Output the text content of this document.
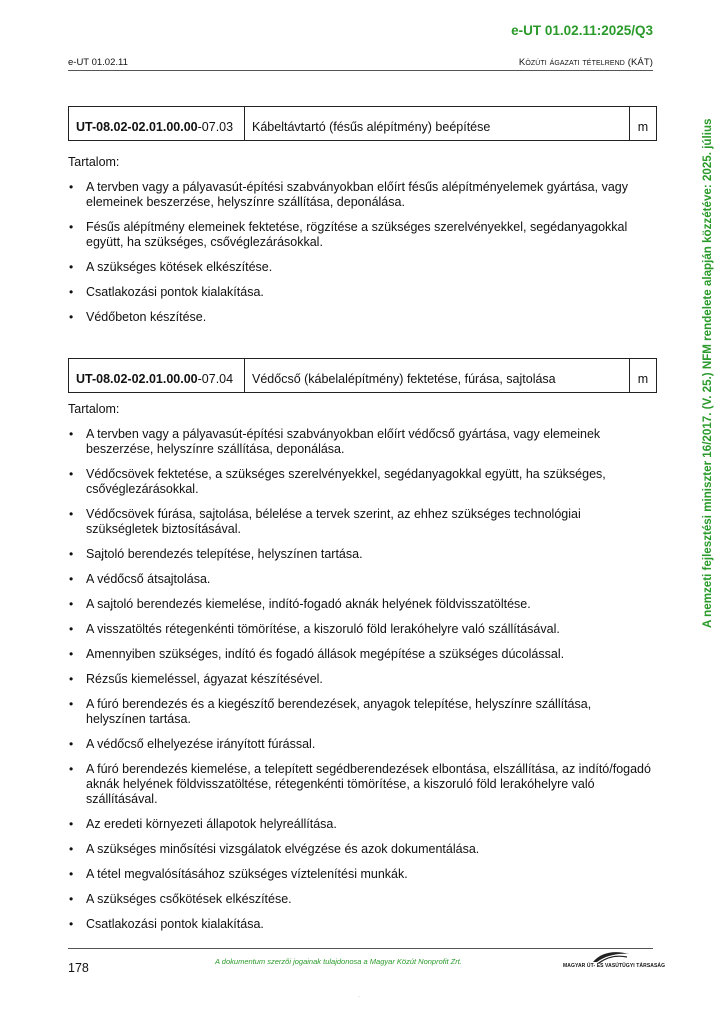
e-UT 01.02.11:2025/Q3
e-UT 01.02.11	Közúti ágazati tételrend (KÁT)
A nemzeti fejlesztési miniszter 16/2017. (V. 25.) NFM rendelete alapján közzétéve: 2025. július
UT-08.02-02.01.00.00-07.03	Kábeltávtartó (fésűs alépítmény) beépítése	m
Tartalom:
• A tervben vagy a pályavasút-építési szabványokban előírt fésűs alépítményelemek gyártása, vagy elemeinek beszerzése, helyszínre szállítása, deponálása.
• Fésűs alépítmény elemeinek fektetése, rögzítése a szükséges szerelvényekkel, segédanyagokkal együtt, ha szükséges, csővéglezárásokkal.
• A szükséges kötések elkészítése.
• Csatlakozási pontok kialakítása.
• Védőbeton készítése.
UT-08.02-02.01.00.00-07.04	Védőcső (kábelalépítmény) fektetése, fúrása, sajtolása	m
Tartalom:
• A tervben vagy a pályavasút-építési szabványokban előírt védőcső gyártása, vagy elemeinek beszerzése, helyszínre szállítása, deponálása.
• Védőcsövek fektetése, a szükséges szerelvényekkel, segédanyagokkal együtt, ha szükséges, csővéglezárásokkal.
• Védőcsövek fúrása, sajtolása, bélelése a tervek szerint, az ehhez szükséges technológiai szükségletek biztosításával.
• Sajtoló berendezés telepítése, helyszínen tartása.
• A védőcső átsajtolása.
• A sajtoló berendezés kiemelése, indító-fogadó aknák helyének földvisszatöltése.
• A visszatöltés rétegenkénti tömörítése, a kiszoruló föld lerakóhelyre való szállításával.
• Amennyiben szükséges, indító és fogadó állások megépítése a szükséges dúcolással.
• Rézsűs kiemeléssel, ágyazat készítésével.
• A fúró berendezés és a kiegészítő berendezések, anyagok telepítése, helyszínre szállítása, helyszínen tartása.
• A védőcső elhelyezése irányított fúrással.
• A fúró berendezés kiemelése, a telepített segédberendezések elbontása, elszállítása, az indító/fogadó aknák helyének földvisszatöltése, rétegenkénti tömörítése, a kiszoruló föld lerakóhelyre való szállításával.
• Az eredeti környezeti állapotok helyreállítása.
• A szükséges minősítési vizsgálatok elvégzése és azok dokumentálása.
• A tétel megvalósításához szükséges víztelenítési munkák.
• A szükséges csőkötések elkészítése.
• Csatlakozási pontok kialakítása.
178	A dokumentum szerzői jogainak tulajdonosa a Magyar Közút Nonprofit Zrt.	MAGYAR ÚT- ÉS VASÚTÜGYI TÁRSASÁG
·
